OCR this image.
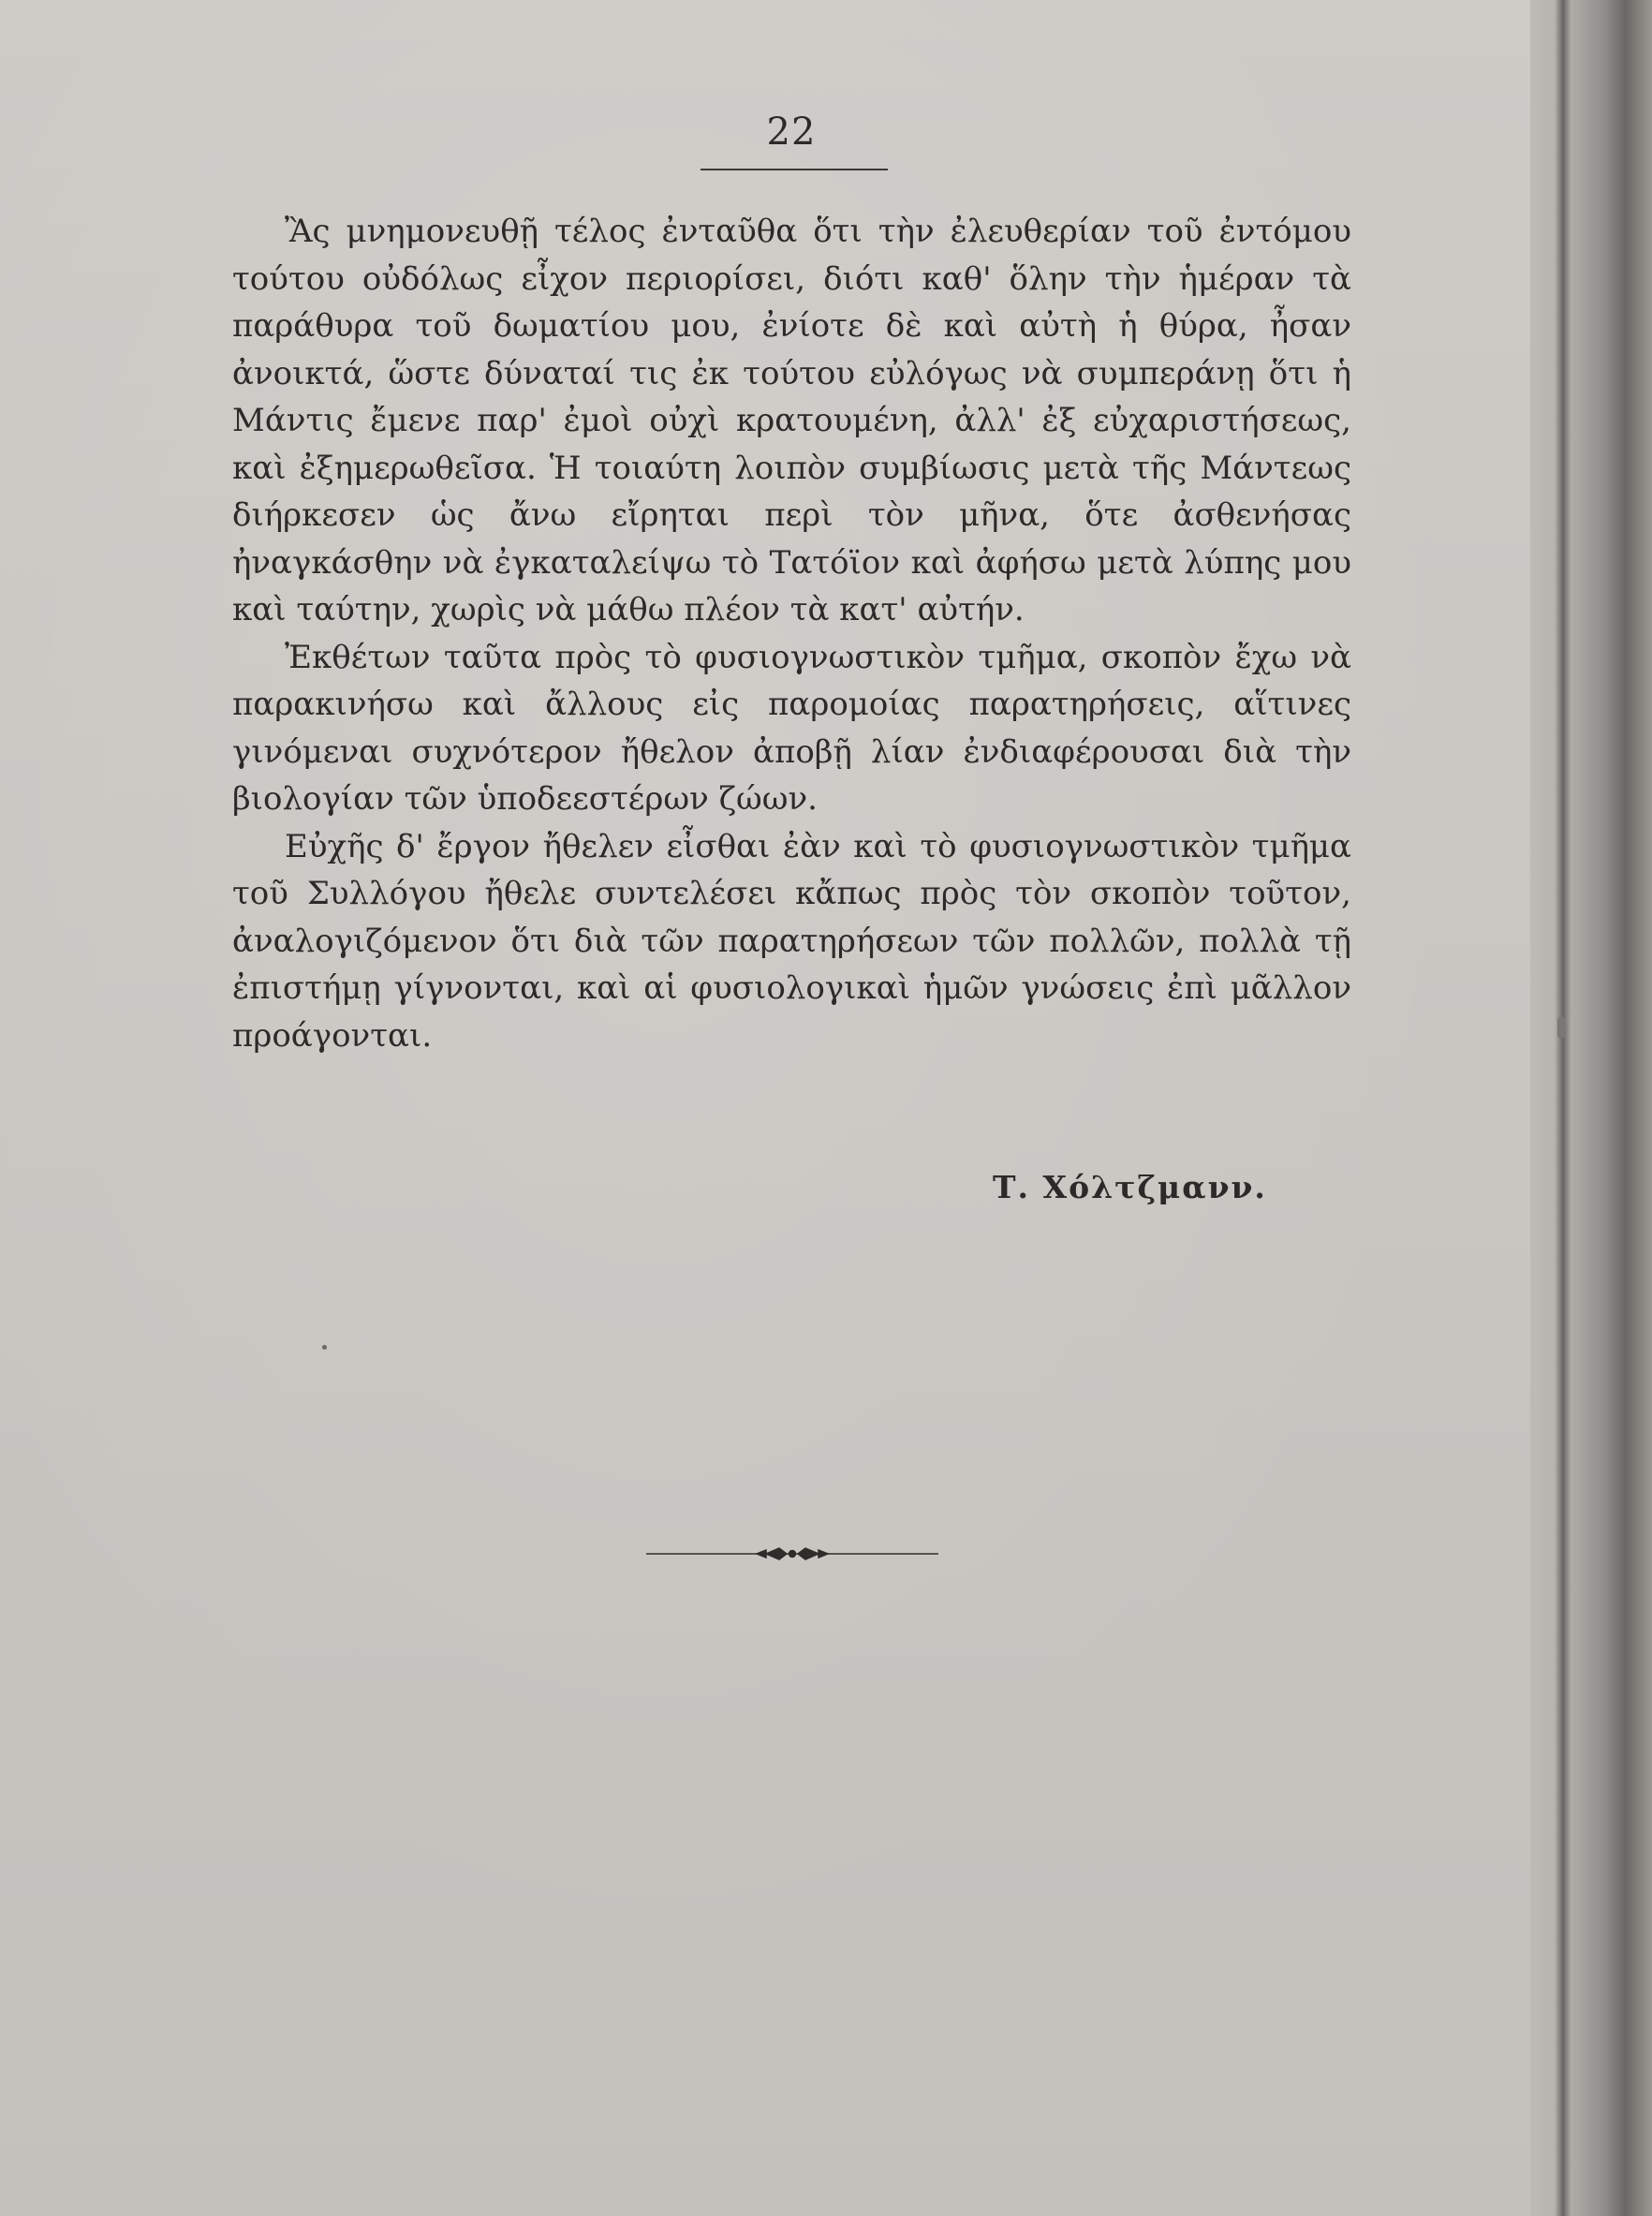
22

Ἂς μνημονευθῇ τέλος ἐνταῦθα ὅτι τὴν ἐλευθερίαν τοῦ ἐντόμου τούτου οὐδόλως εἶχον περιορίσει, διότι καθ' ὅλην τὴν ἡμέραν τὰ παράθυρα τοῦ δωματίου μου, ἐνίοτε δὲ καὶ αὐτὴ ἡ θύρα, ἦσαν ἀνοικτά, ὥστε δύναταί τις ἐκ τούτου εὐλόγως νὰ συμπεράνῃ ὅτι ἡ Μάντις ἔμενε παρ' ἐμοὶ οὐχὶ κρατουμένη, ἀλλ' ἐξ εὐχαριστήσεως, καὶ ἐξημερωθεῖσα. Ἡ τοιαύτη λοιπὸν συμβίωσις μετὰ τῆς Μάντεως διήρκεσεν ὡς ἄνω εἴρηται περὶ τὸν μῆνα, ὅτε ἀσθενήσας ἠναγκάσθην νὰ ἐγκαταλείψω τὸ Τατόϊον καὶ ἀφήσω μετὰ λύπης μου καὶ ταύτην, χωρὶς νὰ μάθω πλέον τὰ κατ' αὐτήν.

Ἐκθέτων ταῦτα πρὸς τὸ φυσιογνωστικὸν τμῆμα, σκοπὸν ἔχω νὰ παρακινήσω καὶ ἄλλους εἰς παρομοίας παρατηρήσεις, αἵτινες γινόμεναι συχνότερον ἤθελον ἀποβῇ λίαν ἐνδιαφέρουσαι διὰ τὴν βιολογίαν τῶν ὑποδεεστέρων ζώων.

Εὐχῆς δ' ἔργον ἤθελεν εἶσθαι ἐὰν καὶ τὸ φυσιογνωστικὸν τμῆμα τοῦ Συλλόγου ἤθελε συντελέσει κἄπως πρὸς τὸν σκοπὸν τοῦτον, ἀναλογιζόμενον ὅτι διὰ τῶν παρατηρήσεων τῶν πολλῶν, πολλὰ τῇ ἐπιστήμῃ γίγνονται, καὶ αἱ φυσιολογικαὶ ἡμῶν γνώσεις ἐπὶ μᾶλλον προάγονται.

Τ. Χόλτζμανν.
